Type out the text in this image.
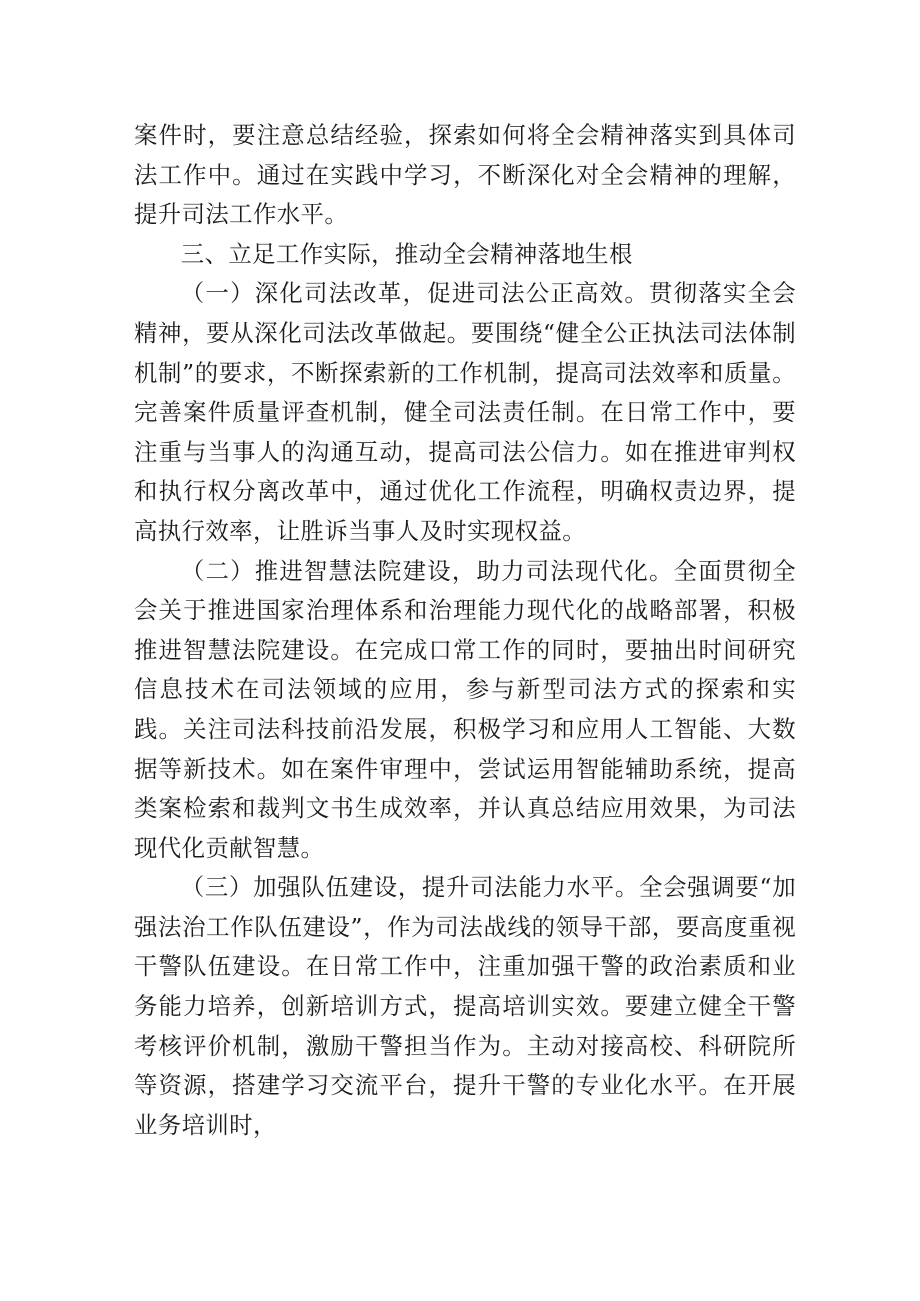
案件时，要注意总结经验，探索如何将全会精神落实到具体司法工作中。通过在实践中学习，不断深化对全会精神的理解，提升司法工作水平。

三、立足工作实际，推动全会精神落地生根

（一）深化司法改革，促进司法公正高效。贯彻落实全会精神，要从深化司法改革做起。要围绕“健全公正执法司法体制机制”的要求，不断探索新的工作机制，提高司法效率和质量。完善案件质量评查机制，健全司法责任制。在日常工作中，要注重与当事人的沟通互动，提高司法公信力。如在推进审判权和执行权分离改革中，通过优化工作流程，明确权责边界，提高执行效率，让胜诉当事人及时实现权益。

（二）推进智慧法院建设，助力司法现代化。全面贯彻全会关于推进国家治理体系和治理能力现代化的战略部署，积极推进智慧法院建设。在完成口常工作的同时，要抽出时间研究信息技术在司法领域的应用，参与新型司法方式的探索和实践。关注司法科技前沿发展，积极学习和应用人工智能、大数据等新技术。如在案件审理中，尝试运用智能辅助系统，提高类案检索和裁判文书生成效率，并认真总结应用效果，为司法现代化贡献智慧。

（三）加强队伍建设，提升司法能力水平。全会强调要“加强法治工作队伍建设”，作为司法战线的领导干部，要高度重视干警队伍建设。在日常工作中，注重加强干警的政治素质和业务能力培养，创新培训方式，提高培训实效。要建立健全干警考核评价机制，激励干警担当作为。主动对接高校、科研院所等资源，搭建学习交流平台，提升干警的专业化水平。在开展业务培训时，
